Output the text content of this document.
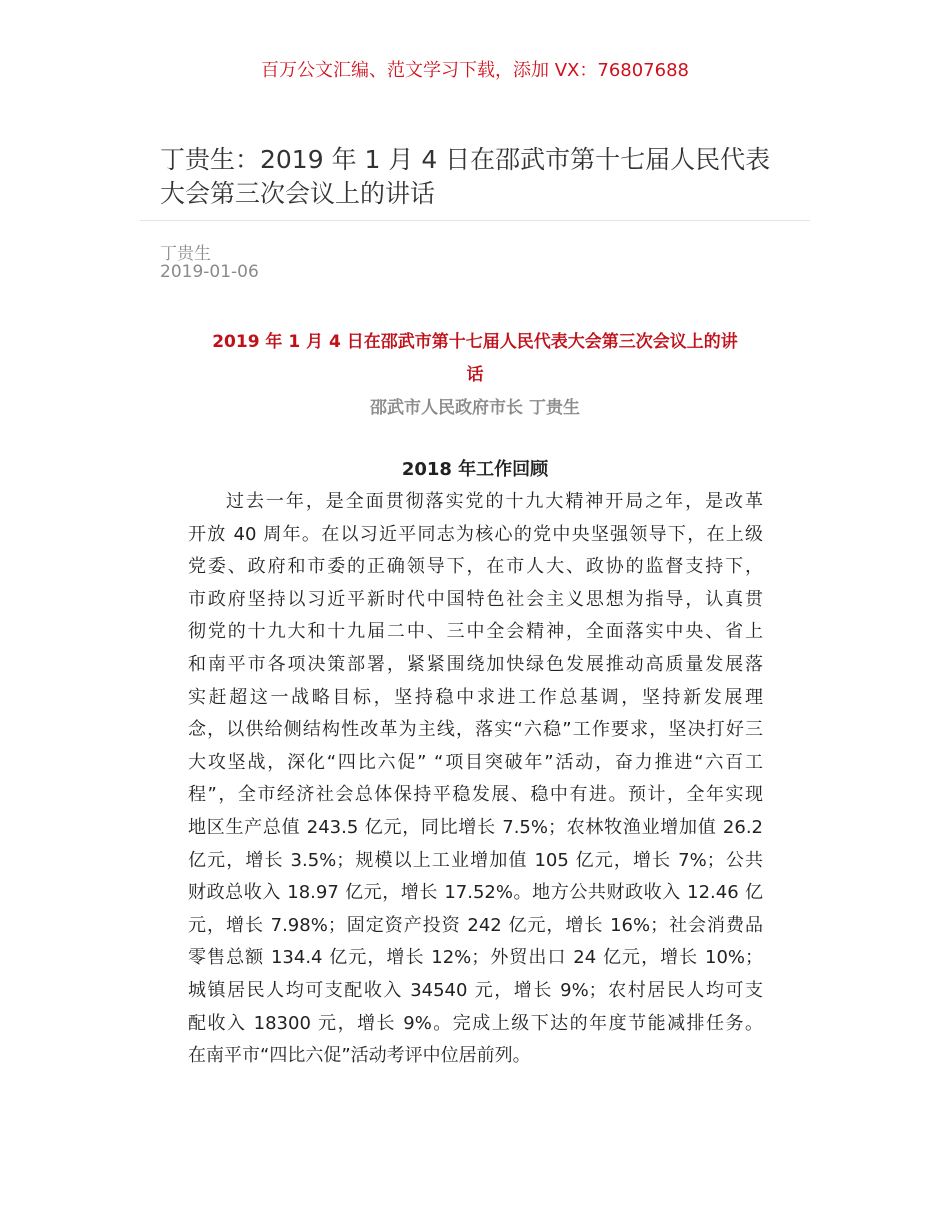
百万公文汇编、范文学习下载，添加 VX：76807688
丁贵生：2019 年 1 月 4 日在邵武市第十七届人民代表
大会第三次会议上的讲话
丁贵生
2019-01-06
2019 年 1 月 4 日在邵武市第十七届人民代表大会第三次会议上的讲
话
邵武市人民政府市长 丁贵生
2018 年工作回顾
过去一年，是全面贯彻落实党的十九大精神开局之年，是改革
开放 40 周年。在以习近平同志为核心的党中央坚强领导下，在上级
党委、政府和市委的正确领导下，在市人大、政协的监督支持下，
市政府坚持以习近平新时代中国特色社会主义思想为指导，认真贯
彻党的十九大和十九届二中、三中全会精神，全面落实中央、省上
和南平市各项决策部署，紧紧围绕加快绿色发展推动高质量发展落
实赶超这一战略目标，坚持稳中求进工作总基调，坚持新发展理
念，以供给侧结构性改革为主线，落实“六稳”工作要求，坚决打好三
大攻坚战，深化“四比六促” “项目突破年”活动，奋力推进“六百工
程”，全市经济社会总体保持平稳发展、稳中有进。预计，全年实现
地区生产总值 243.5 亿元，同比增长 7.5%；农林牧渔业增加值 26.2
亿元，增长 3.5%；规模以上工业增加值 105 亿元，增长 7%；公共
财政总收入 18.97 亿元，增长 17.52%。地方公共财政收入 12.46 亿
元，增长 7.98%；固定资产投资 242 亿元，增长 16%；社会消费品
零售总额 134.4 亿元，增长 12%；外贸出口 24 亿元，增长 10%；
城镇居民人均可支配收入 34540 元，增长 9%；农村居民人均可支
配收入 18300 元，增长 9%。完成上级下达的年度节能减排任务。
在南平市“四比六促”活动考评中位居前列。
